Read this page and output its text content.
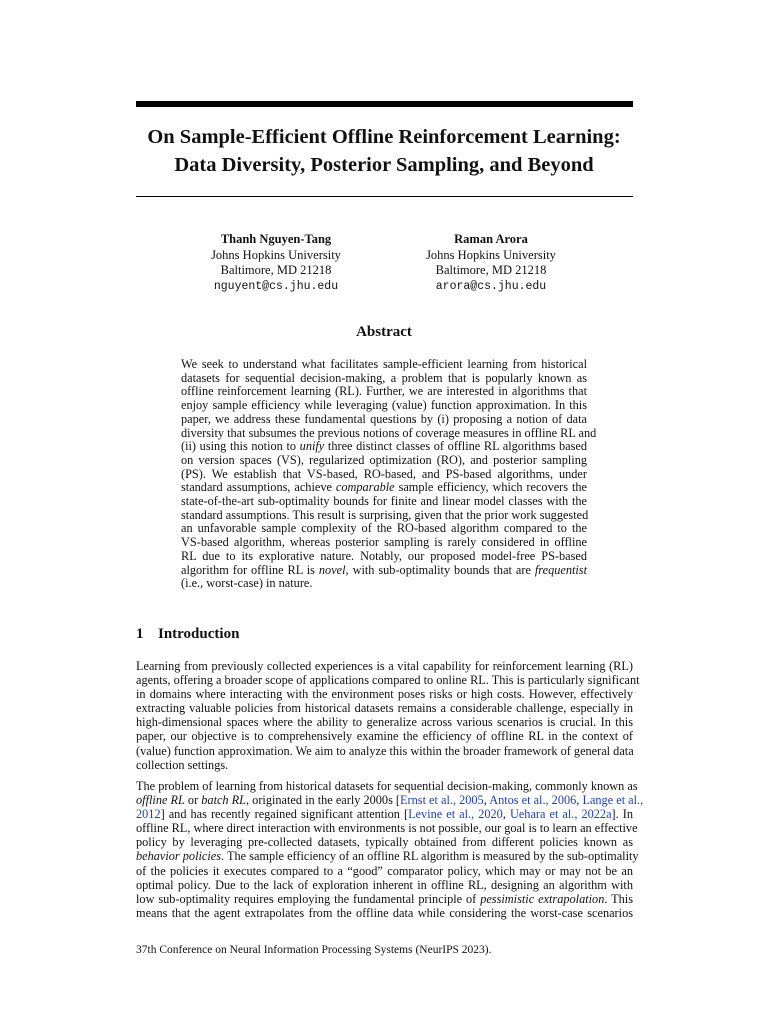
On Sample-Efficient Offline Reinforcement Learning:
Data Diversity, Posterior Sampling, and Beyond
Thanh Nguyen-Tang
Johns Hopkins University
Baltimore, MD 21218
nguyent@cs.jhu.edu
Raman Arora
Johns Hopkins University
Baltimore, MD 21218
arora@cs.jhu.edu
Abstract
We seek to understand what facilitates sample-efficient learning from historical
datasets for sequential decision-making, a problem that is popularly known as
offline reinforcement learning (RL). Further, we are interested in algorithms that
enjoy sample efficiency while leveraging (value) function approximation. In this
paper, we address these fundamental questions by (i) proposing a notion of data
diversity that subsumes the previous notions of coverage measures in offline RL and
(ii) using this notion to unify three distinct classes of offline RL algorithms based
on version spaces (VS), regularized optimization (RO), and posterior sampling
(PS). We establish that VS-based, RO-based, and PS-based algorithms, under
standard assumptions, achieve comparable sample efficiency, which recovers the
state-of-the-art sub-optimality bounds for finite and linear model classes with the
standard assumptions. This result is surprising, given that the prior work suggested
an unfavorable sample complexity of the RO-based algorithm compared to the
VS-based algorithm, whereas posterior sampling is rarely considered in offline
RL due to its explorative nature. Notably, our proposed model-free PS-based
algorithm for offline RL is novel, with sub-optimality bounds that are frequentist
(i.e., worst-case) in nature.
1 Introduction
Learning from previously collected experiences is a vital capability for reinforcement learning (RL)
agents, offering a broader scope of applications compared to online RL. This is particularly significant
in domains where interacting with the environment poses risks or high costs. However, effectively
extracting valuable policies from historical datasets remains a considerable challenge, especially in
high-dimensional spaces where the ability to generalize across various scenarios is crucial. In this
paper, our objective is to comprehensively examine the efficiency of offline RL in the context of
(value) function approximation. We aim to analyze this within the broader framework of general data
collection settings.
The problem of learning from historical datasets for sequential decision-making, commonly known as
offline RL or batch RL, originated in the early 2000s [Ernst et al., 2005, Antos et al., 2006, Lange et al.,
2012] and has recently regained significant attention [Levine et al., 2020, Uehara et al., 2022a]. In
offline RL, where direct interaction with environments is not possible, our goal is to learn an effective
policy by leveraging pre-collected datasets, typically obtained from different policies known as
behavior policies. The sample efficiency of an offline RL algorithm is measured by the sub-optimality
of the policies it executes compared to a “good” comparator policy, which may or may not be an
optimal policy. Due to the lack of exploration inherent in offline RL, designing an algorithm with
low sub-optimality requires employing the fundamental principle of pessimistic extrapolation. This
means that the agent extrapolates from the offline data while considering the worst-case scenarios
37th Conference on Neural Information Processing Systems (NeurIPS 2023).
